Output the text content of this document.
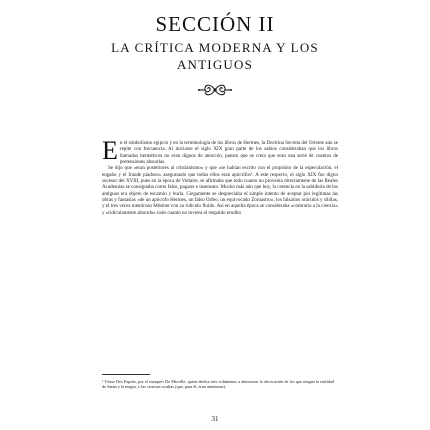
SECCIÓN II
LA CRÍTICA MODERNA Y LOS
ANTIGUOS

En el simbolismo egipcio y en la terminología de los libros de Hermes, la Doctrina Secreta del Oriente aún se repite con frecuencia. Al iniciarse el siglo XIX gran parte de los sabios consideraban que los libros llamados herméticos no eran dignos de atención, puesto que se creía que eran una serie de cuentos de pretensiones absurdas.

Se dijo que «eran posteriores al cristianismo» y que «se habían escrito con el propósito de la especulación, el engaño y el fraude piadoso» asegurando que todos ellos eran apócrifos¹. A este respecto, el siglo XIX fue digno sucesor del XVIII, pues en la época de Voltaire, se afirmaba que todo cuanto no provenía directamente de las Reales Academias se consignaba como falso, pagano e insensato. Mucho más aún que hoy, la creencia en la sabiduría de los antiguos era objeto de escarnio y burla. Ciegamente se despreciaba el simple intento de aceptar por legítimas las obras y fantasías «de un apócrifo Hermes, un falso Orfeo, un equivocado Zoroastro», los falsarios oráculos y sibilas, y el tres veces mentiroso Mésmer con su ridículo fluido. Así en aquella época se consideraba «contrario a la ciencia» y «ridículamente absurdo» todo cuanto no tuviera el respaldo erudito

¹ Véase Des Esprits, por el marqués De Mirville, quien dedica seis volúmenes a demostrar la obcecación de los que niegan la realidad de Satán y la magia, o las ciencias ocultas (que, para él, eran anónimas).
31
